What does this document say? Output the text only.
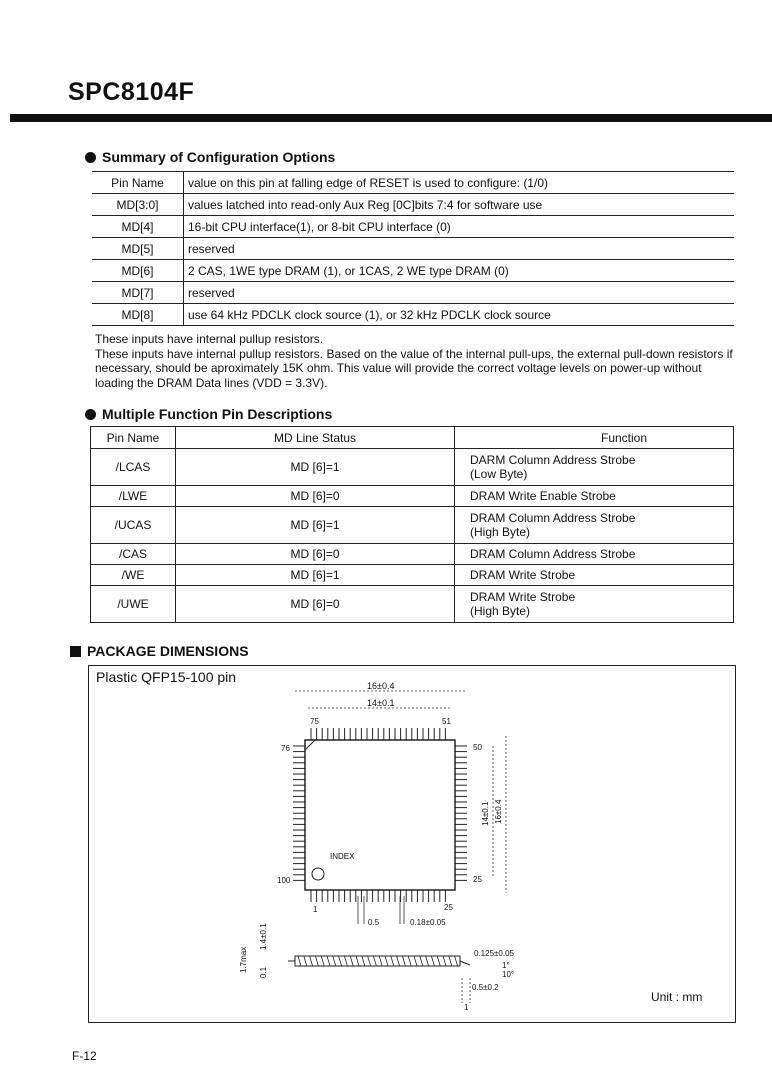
SPC8104F
Summary of Configuration Options
Pin Name	value on this pin at falling edge of RESET is used to configure: (1/0)
MD[3:0]	values latched into read-only Aux Reg [0C]bits 7:4 for software use
MD[4]	16-bit CPU interface(1), or 8-bit CPU interface (0)
MD[5]	reserved
MD[6]	2 CAS, 1WE type DRAM (1), or 1CAS, 2 WE type DRAM (0)
MD[7]	reserved
MD[8]	use 64 kHz PDCLK clock source (1), or 32 kHz PDCLK clock source

These inputs have internal pullup resistors.

These inputs have internal pullup resistors. Based on the value of the internal pull-ups, the external pull-down resistors if necessary, should be aproximately 15K ohm. This value will provide the correct voltage levels on power-up without loading the DRAM Data lines (VDD = 3.3V).

Multiple Function Pin Descriptions
Pin Name	MD Line Status	Function
/LCAS	MD [6]=1	DARM Column Address Strobe
(Low Byte)

/LWE	MD [6]=0	DRAM Write Enable Strobe

/UCAS	MD [6]=1	DRAM Column Address Strobe
(High Byte)

/CAS	MD [6]=0	DRAM Column Address Strobe

/WE	MD [6]=1	DRAM Write Strobe

/UWE	MD [6]=0	DRAM Write Strobe
(High Byte)
PACKAGE DIMENSIONS
Plastic QFP15-100 pin
16±0.4
14±0.1
75	51
76	50
100	25
1	25
INDEX
14±0.1 16±0.4
0.5	0.18±0.05
1.7max
1.4±0.1
0.1
0.125±0.05
1°
10°
0.5±0.2
1
Unit : mm
F-12
